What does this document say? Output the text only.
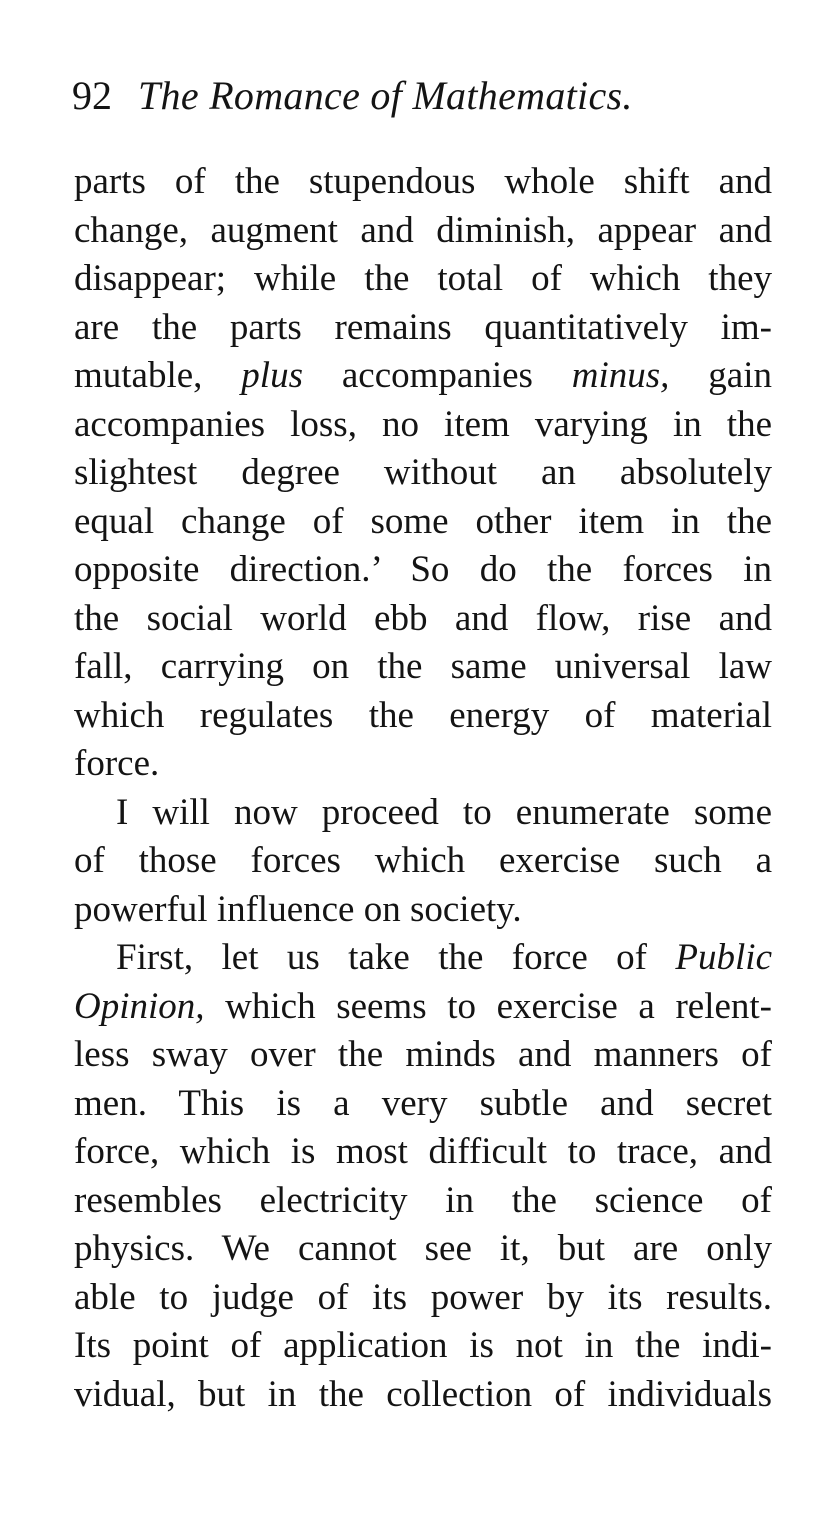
92 The Romance of Mathematics.
parts of the stupendous whole shift and
change, augment and diminish, appear and
disappear; while the total of which they
are the parts remains quantitatively im-
mutable, plus accompanies minus, gain
accompanies loss, no item varying in the
slightest degree without an absolutely
equal change of some other item in the
opposite direction.’ So do the forces in
the social world ebb and flow, rise and
fall, carrying on the same universal law
which regulates the energy of material
force.
I will now proceed to enumerate some
of those forces which exercise such a
powerful influence on society.
First, let us take the force of Public
Opinion, which seems to exercise a relent-
less sway over the minds and manners of
men. This is a very subtle and secret
force, which is most difficult to trace, and
resembles electricity in the science of
physics. We cannot see it, but are only
able to judge of its power by its results.
Its point of application is not in the indi-
vidual, but in the collection of individuals
